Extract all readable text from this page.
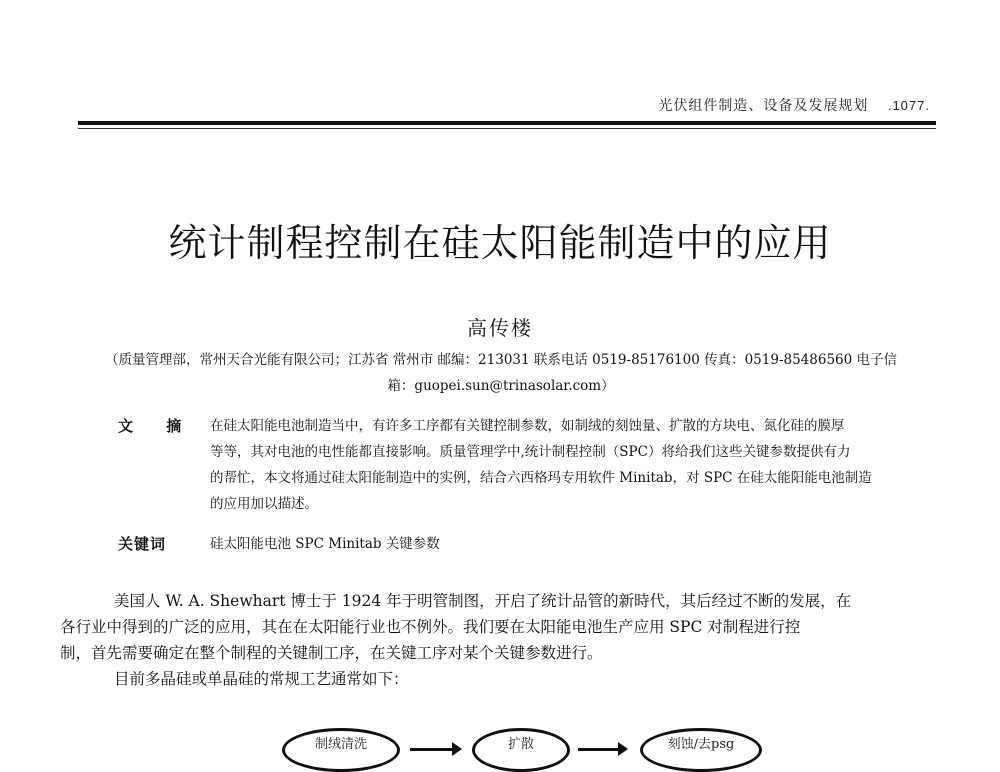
光伏组件制造、设备及发展规划 .1077.
统计制程控制在硅太阳能制造中的应用
高传楼
（质量管理部，常州天合光能有限公司；江苏省 常州市 邮编：213031 联系电话 0519-85176100 传真：0519-85486560 电子信
箱：guopei.sun@trinasolar.com）
文 摘 在硅太阳能电池制造当中，有许多工序都有关键控制参数，如制绒的刻蚀量、扩散的方块电、氮化硅的膜厚
等等，其对电池的电性能都直接影响。质量管理学中,统计制程控制（SPC）将给我们这些关键参数提供有力
的帮忙，本文将通过硅太阳能制造中的实例，结合六西格玛专用软件 Minitab，对 SPC 在硅太能阳能电池制造
的应用加以描述。
关键词	硅太阳能电池 SPC Minitab 关键参数
美国人 W. A. Shewhart 博士于 1924 年于明管制图，开启了统计品管的新時代，其后经过不断的发展，在
各行业中得到的广泛的应用，其在在太阳能行业也不例外。我们要在太阳能电池生产应用 SPC 对制程进行控
制，首先需要确定在整个制程的关键制工序，在关键工序对某个关键参数进行。
目前多晶硅或单晶硅的常规工艺通常如下：
制绒清洗	扩散	刻蚀/去psg
